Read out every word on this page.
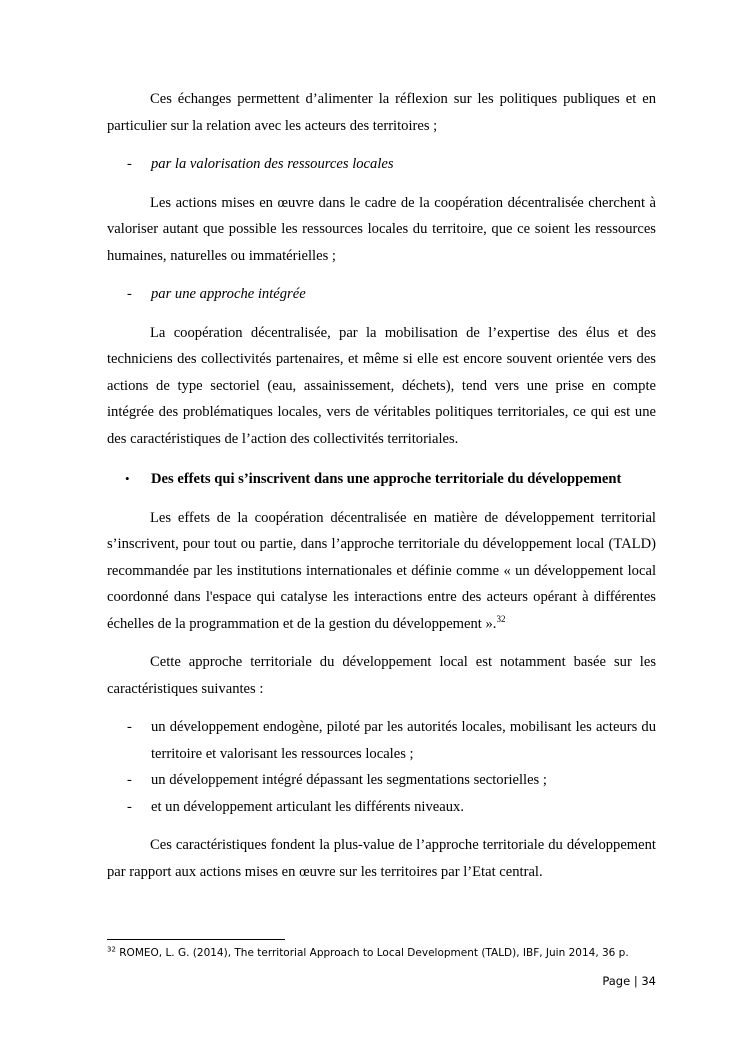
Ces échanges permettent d’alimenter la réflexion sur les politiques publiques et en particulier sur la relation avec les acteurs des territoires ;

- par la valorisation des ressources locales

Les actions mises en œuvre dans le cadre de la coopération décentralisée cherchent à valoriser autant que possible les ressources locales du territoire, que ce soient les ressources humaines, naturelles ou immatérielles ;

- par une approche intégrée

La coopération décentralisée, par la mobilisation de l’expertise des élus et des techniciens des collectivités partenaires, et même si elle est encore souvent orientée vers des actions de type sectoriel (eau, assainissement, déchets), tend vers une prise en compte intégrée des problématiques locales, vers de véritables politiques territoriales, ce qui est une des caractéristiques de l’action des collectivités territoriales.

• Des effets qui s’inscrivent dans une approche territoriale du développement

Les effets de la coopération décentralisée en matière de développement territorial s’inscrivent, pour tout ou partie, dans l’approche territoriale du développement local (TALD) recommandée par les institutions internationales et définie comme « un développement local coordonné dans l'espace qui catalyse les interactions entre des acteurs opérant à différentes échelles de la programmation et de la gestion du développement ».$^{32}$

Cette approche territoriale du développement local est notamment basée sur les caractéristiques suivantes :

- un développement endogène, piloté par les autorités locales, mobilisant les acteurs du territoire et valorisant les ressources locales ;
- un développement intégré dépassant les segmentations sectorielles ;
- et un développement articulant les différents niveaux.

Ces caractéristiques fondent la plus-value de l’approche territoriale du développement par rapport aux actions mises en œuvre sur les territoires par l’Etat central.

$^{32}$ ROMEO, L. G. (2014), The territorial Approach to Local Development (TALD), IBF, Juin 2014, 36 p.
Page | 34
